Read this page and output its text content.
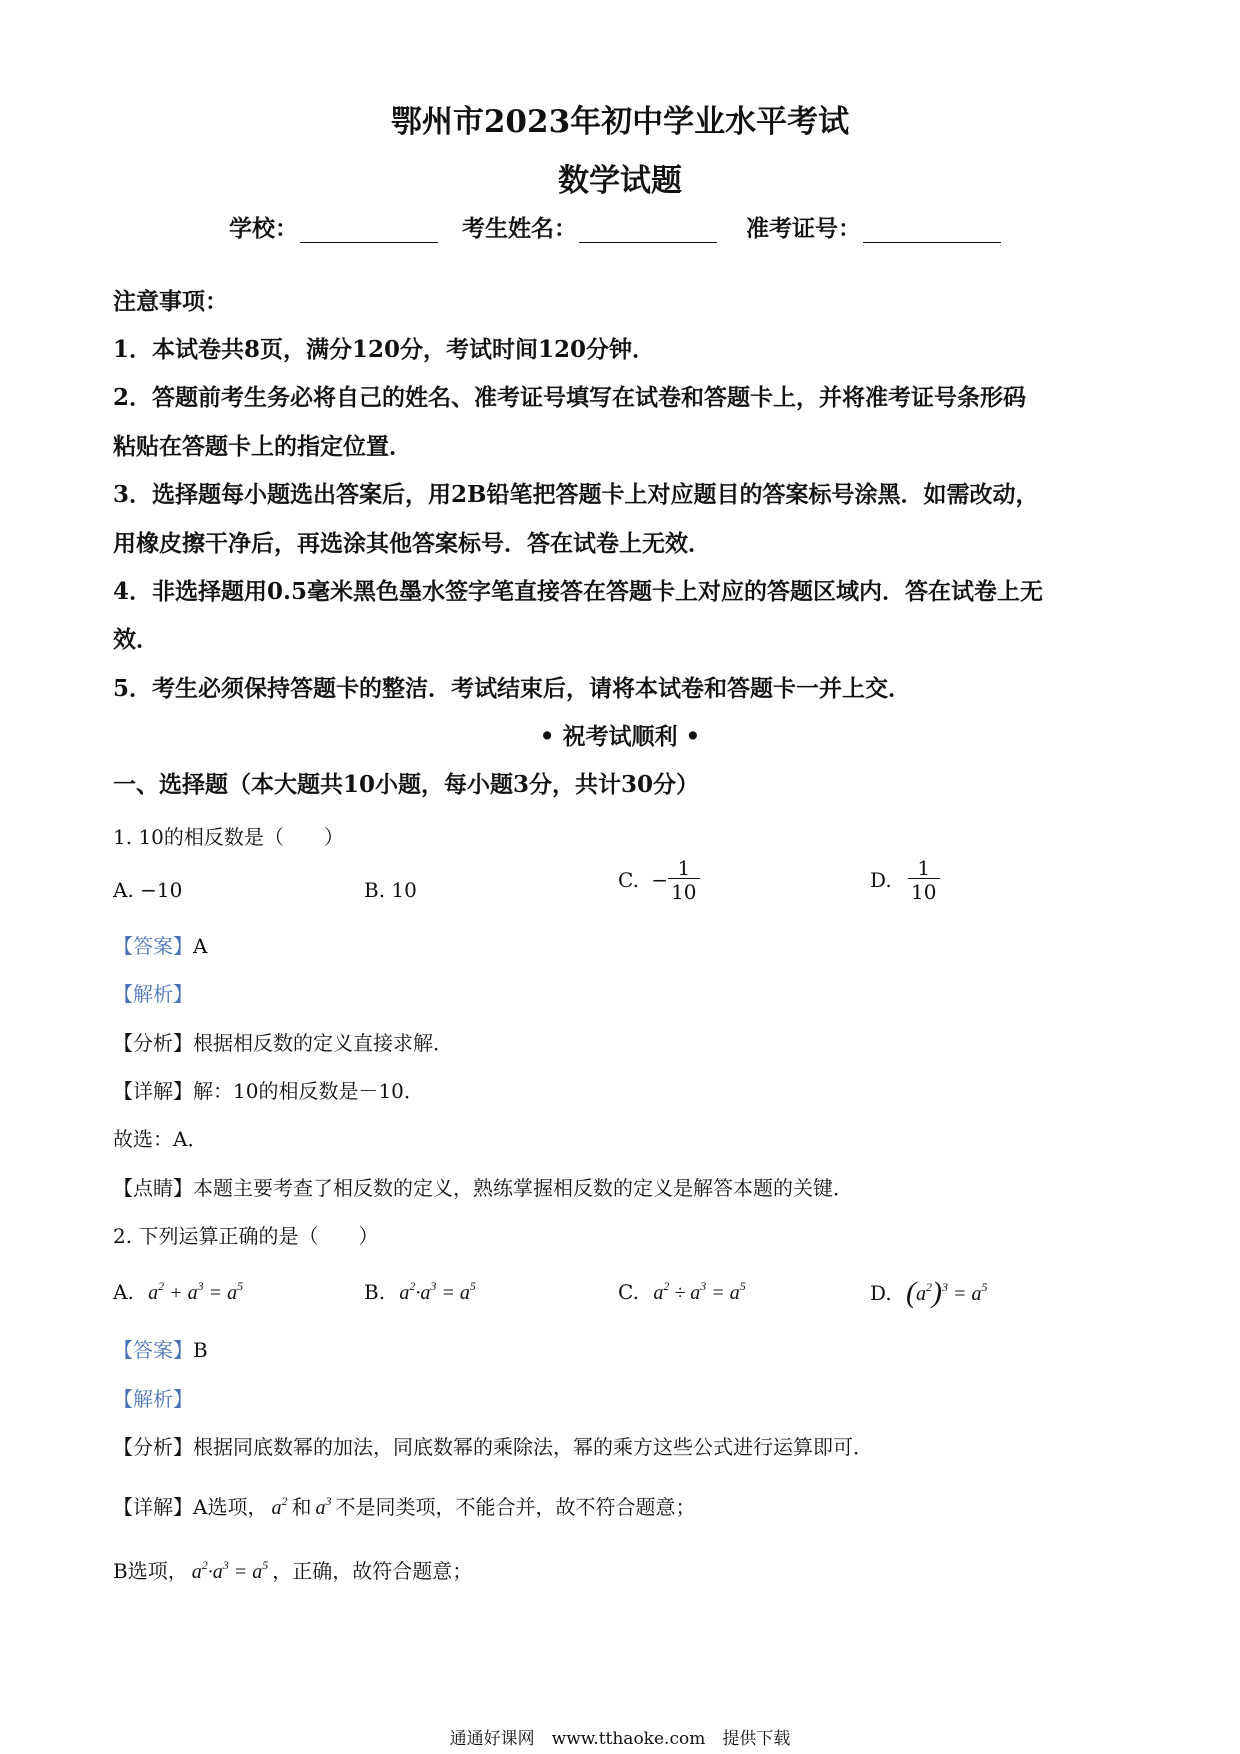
鄂州市2023年初中学业水平考试
数学试题
学校：	考生姓名：	准考证号：
注意事项：
1．本试卷共8页，满分120分，考试时间120分钟．
2．答题前考生务必将自己的姓名、准考证号填写在试卷和答题卡上，并将准考证号条形码
粘贴在答题卡上的指定位置．
3．选择题每小题选出答案后，用2B铅笔把答题卡上对应题目的答案标号涂黑．如需改动，
用橡皮擦干净后，再选涂其他答案标号．答在试卷上无效．
4．非选择题用0.5毫米黑色墨水签字笔直接答在答题卡上对应的答题区域内．答在试卷上无
效．
5．考生必须保持答题卡的整洁．考试结束后，请将本试卷和答题卡一并上交．
• 祝考试顺利 •
一、选择题（本大题共10小题，每小题3分，共计30分）
1. 10的相反数是（　　）
A. −10	B. 10	C. − $\frac{1}{10}$	D. $\frac{1}{10}$
【答案】A
【解析】
【分析】根据相反数的定义直接求解．
【详解】解：10的相反数是－10．
故选：A．
【点睛】本题主要考查了相反数的定义，熟练掌握相反数的定义是解答本题的关键．
2. 下列运算正确的是（　　）
A. $a^2 + a^3 = a^5$	B. $a^2\cdot a^3 = a^5$	C. $a^2 \div a^3 = a^5$	D. $(a^2)^3 = a^5$
【答案】B
【解析】
【分析】根据同底数幂的加法，同底数幂的乘除法，幂的乘方这些公式进行运算即可．
【详解】A选项， $a^2$ 和 $a^3$ 不是同类项，不能合并，故不符合题意；
B选项， $a^2\cdot a^3 = a^5$ ，正确，故符合题意；
通通好课网　www.tthaoke.com　提供下载
